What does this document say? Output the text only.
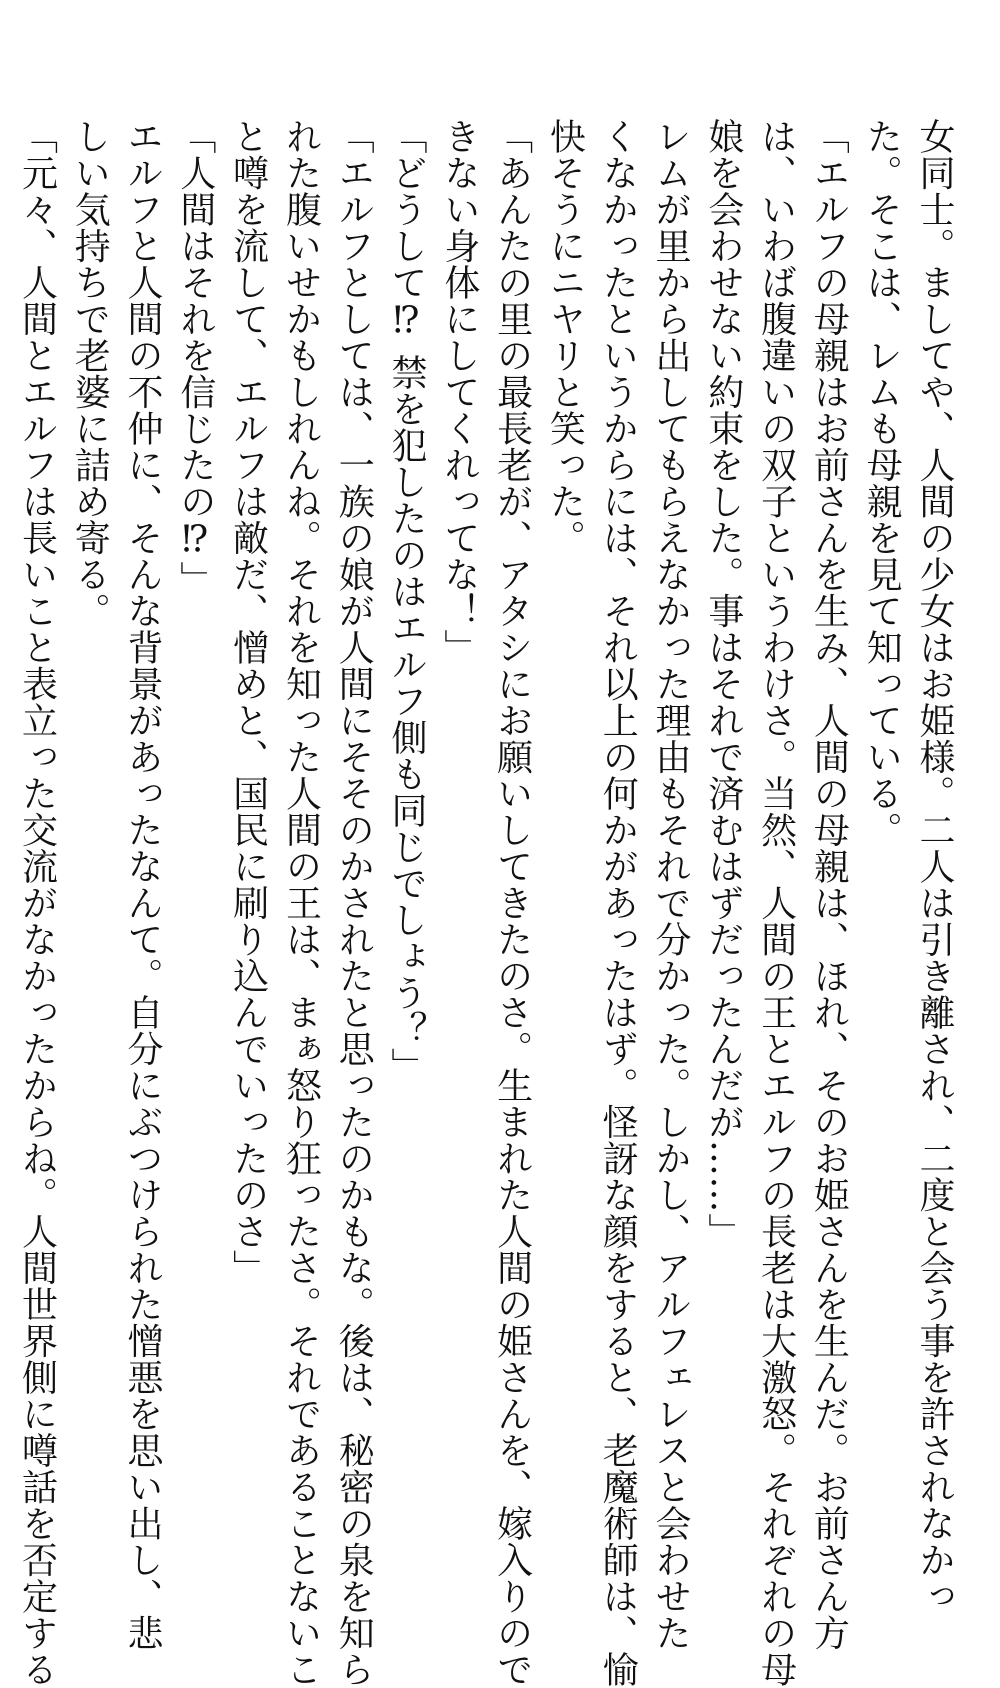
女同士。ましてや、人間の少女はお姫様。二人は引き離され、二度と会う事を許されなかっ
た。そこは、レムも母親を見て知っている。
「エルフの母親はお前さんを生み、人間の母親は、ほれ、そのお姫さんを生んだ。お前さん方
は、いわば腹違いの双子というわけさ。当然、人間の王とエルフの長老は大激怒。それぞれの母
娘を会わせない約束をした。事はそれで済むはずだったんだが……」
レムが里から出してもらえなかった理由もそれで分かった。しかし、アルフェレスと会わせた
くなかったというからには、それ以上の何かがあったはず。怪訝な顔をすると、老魔術師は、愉
快そうにニヤリと笑った。
「あんたの里の最長老が、アタシにお願いしてきたのさ。生まれた人間の姫さんを、嫁入りので
きない身体にしてくれってな！」
「どうして⁉ 禁を犯したのはエルフ側も同じでしょう？」
「エルフとしては、一族の娘が人間にそそのかされたと思ったのかもな。後は、秘密の泉を知ら
れた腹いせかもしれんね。それを知った人間の王は、まぁ怒り狂ったさ。それであることないこ
と噂を流して、エルフは敵だ、憎めと、国民に刷り込んでいったのさ」
「人間はそれを信じたの⁉」
エルフと人間の不仲に、そんな背景があったなんて。自分にぶつけられた憎悪を思い出し、悲
しい気持ちで老婆に詰め寄る。
「元々、人間とエルフは長いこと表立った交流がなかったからね。人間世界側に噂話を否定する
